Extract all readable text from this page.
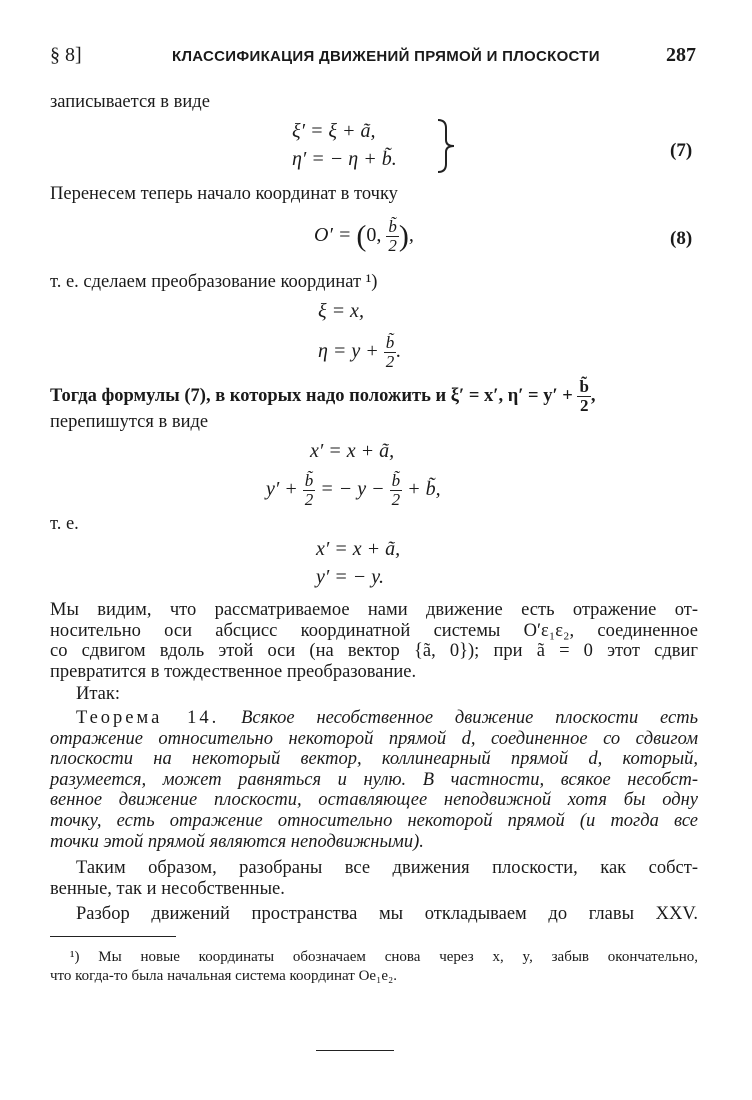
§ 8]	КЛАССИФИКАЦИЯ ДВИЖЕНИЙ ПРЯМОЙ И ПЛОСКОСТИ	287
записывается в виде
ξ′ = ξ + ã,
η′ = − η + b̃.	(7)
Перенесем теперь начало координат в точку
O′ = (0, $\frac{b̃}{2}$ ),	(8)
т. е. сделаем преобразование координат ¹)
ξ = x,
$\eta = y + \frac{b̃}{2}$ .
Тогда формулы (7), в которых надо положить и ξ′ = x′, $\eta' = y' + \frac{b̃}{2}$ ,
перепишутся в виде
x′ = x + ã,
$y' + \frac{b̃}{2}$ = − $y - \frac{b̃}{2}$ + b̃,
т. е.
x′ = x + ã,
y′ = − y.
Мы видим, что рассматриваемое нами движение есть отражение от-
носительно оси абсцисс координатной системы O′ε₁ε₂, соединенное
со сдвигом вдоль этой оси (на вектор {ã, 0}); при ã = 0 этот сдвиг
превратится в тождественное преобразование.
Итак:
Теорема 14. Всякое несобственное движение плоскости есть
отражение относительно некоторой прямой d, соединенное со сдвигом
плоскости на некоторый вектор, коллинеарный прямой d, который,
разумеется, может равняться и нулю. В частности, всякое несобст-
венное движение плоскости, оставляющее неподвижной хотя бы одну
точку, есть отражение относительно некоторой прямой (и тогда все
точки этой прямой являются неподвижными).
Таким образом, разобраны все движения плоскости, как собст-
венные, так и несобственные.
Разбор движений пространства мы откладываем до главы XXV.
¹) Мы новые координаты обозначаем снова через x, y, забыв окончательно,
что когда-то была начальная система координат Oe₁e₂.
